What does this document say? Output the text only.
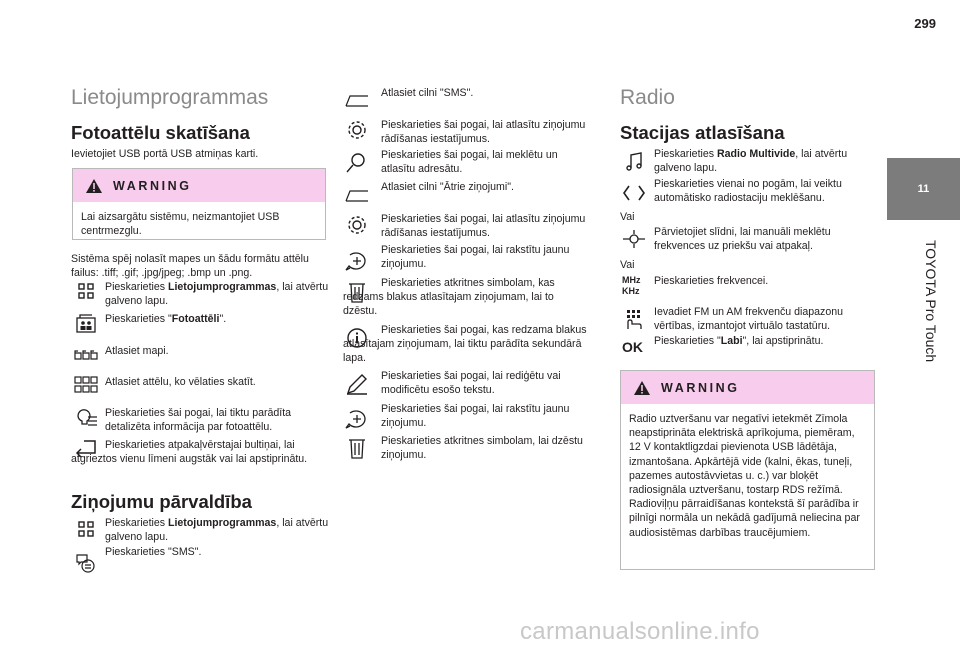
299
11
TOYOTA Pro Touch
Lietojumprogrammas
Fotoattēlu skatīšana
Ievietojiet USB portā USB atmiņas karti.
WARNING
Lai aizsargātu sistēmu, neizmantojiet USB centrmezglu.
Sistēma spēj nolasīt mapes un šādu formātu attēlu failus: .tiff; .gif; .jpg/jpeg; .bmp un .png.
Pieskarieties Lietojumprogrammas, lai atvērtu galveno lapu.
Pieskarieties "Fotoattēli".
Atlasiet mapi.
Atlasiet attēlu, ko vēlaties skatīt.
Pieskarieties šai pogai, lai tiktu parādīta detalizēta informācija par fotoattēlu.
Pieskarieties atpakaļvērstajai bultiņai, lai atgrieztos vienu līmeni augstāk vai lai apstiprinātu.
Ziņojumu pārvaldība
Pieskarieties Lietojumprogrammas, lai atvērtu galveno lapu.
Pieskarieties "SMS".
Atlasiet cilni "SMS".
Pieskarieties šai pogai, lai atlasītu ziņojumu rādīšanas iestatījumus.
Pieskarieties šai pogai, lai meklētu un atlasītu adresātu.
Atlasiet cilni "Ātrie ziņojumi".
Pieskarieties šai pogai, lai atlasītu ziņojumu rādīšanas iestatījumus.
Pieskarieties šai pogai, lai rakstītu jaunu ziņojumu.
Pieskarieties atkritnes simbolam, kas redzams blakus atlasītajam ziņojumam, lai to dzēstu.
Pieskarieties šai pogai, kas redzama blakus atlasītajam ziņojumam, lai tiktu parādīta sekundārā lapa.
Pieskarieties šai pogai, lai rediģētu vai modificētu esošo tekstu.
Pieskarieties šai pogai, lai rakstītu jaunu ziņojumu.
Pieskarieties atkritnes simbolam, lai dzēstu ziņojumu.
Radio
Stacijas atlasīšana
Pieskarieties Radio Multivide, lai atvērtu galveno lapu.
Pieskarieties vienai no pogām, lai veiktu automātisko radiostaciju meklēšanu.
Vai
Pārvietojiet slīdni, lai manuāli meklētu frekvences uz priekšu vai atpakaļ.
Vai
MHz
KHz
Pieskarieties frekvencei.
Ievadiet FM un AM frekvenču diapazonu vērtības, izmantojot virtuālo tastatūru.
OK Pieskarieties "Labi", lai apstiprinātu.
WARNING
Radio uztveršanu var negatīvi ietekmēt Zīmola neapstiprināta elektriskā aprīkojuma, piemēram, 12 V kontaktligzdai pievienota USB lādētāja, izmantošana. Apkārtējā vide (kalni, ēkas, tuneļi, pazemes autostāvvietas u. c.) var bloķēt radiosignāla uztveršanu, tostarp RDS režīmā. Radioviļņu pārraidīšanas kontekstā šī parādība ir pilnīgi normāla un nekādā gadījumā neliecina par audiosistēmas darbības traucējumiem.
carmanualsonline.info
